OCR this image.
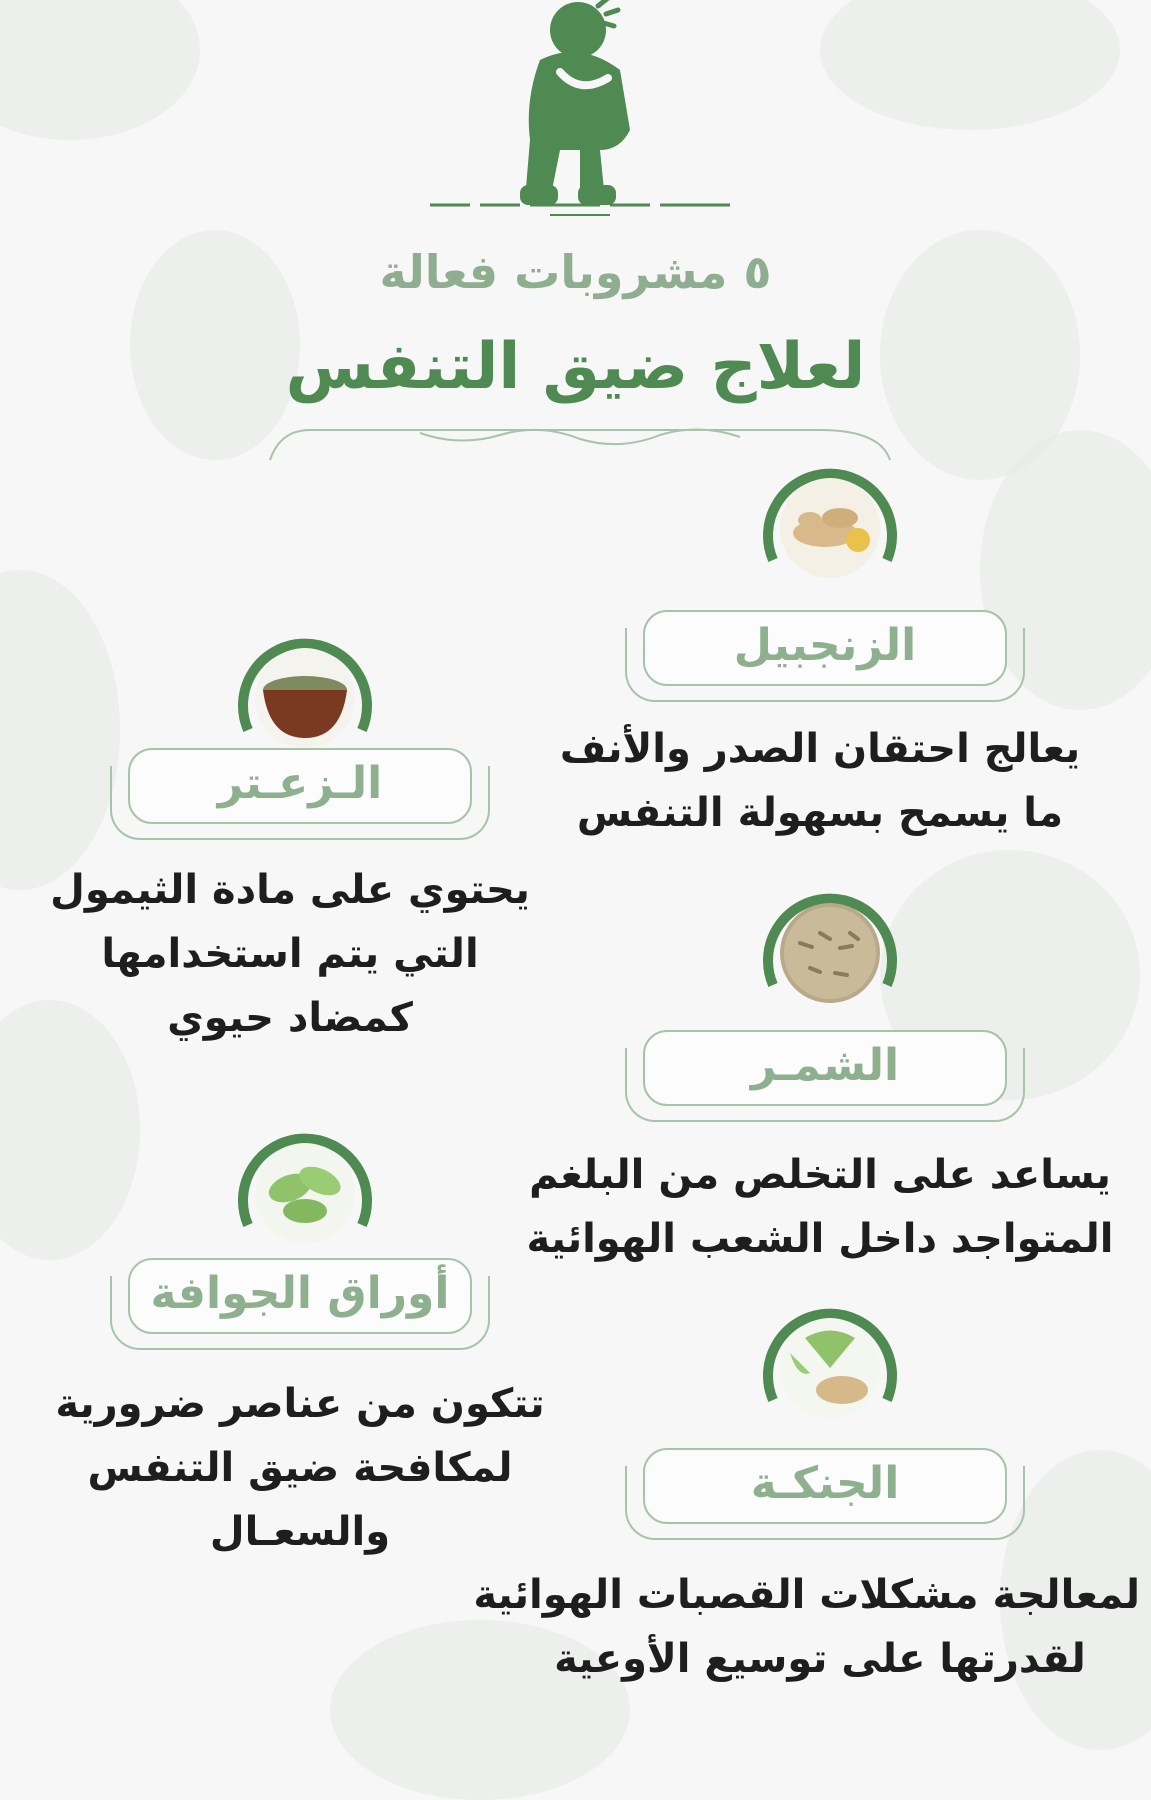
٥ مشروبات فعالة
لعلاج ضيق التنفس
الزنجبيل
يعالج احتقان الصدر والأنف
ما يسمح بسهولة التنفس
الـزعـتر
يحتوي على مادة الثيمول
التي يتم استخدامها
كمضاد حيوي
الشمـر
يساعد على التخلص من البلغم
المتواجد داخل الشعب الهوائية
أوراق الجوافة
تتكون من عناصر ضرورية
لمكافحة ضيق التنفس
والسعـال
الجنكـة
لمعالجة مشكلات القصبات الهوائية
لقدرتها على توسيع الأوعية
